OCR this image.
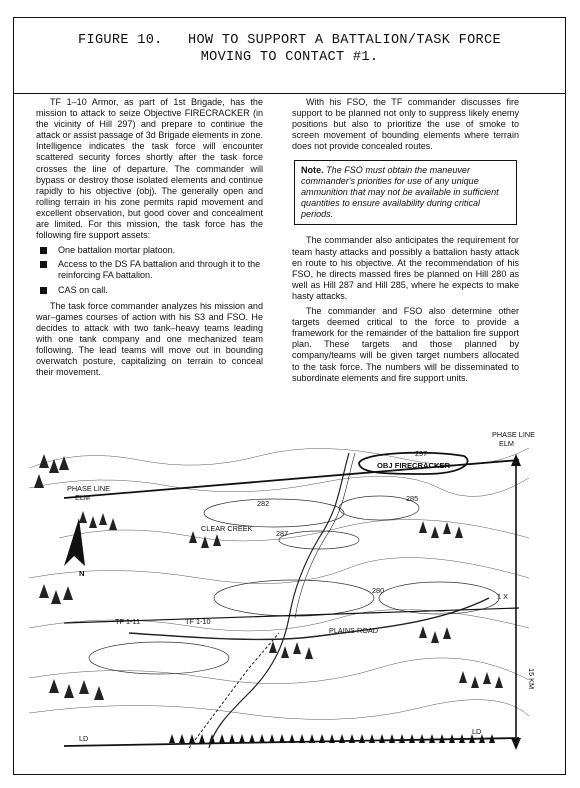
FIGURE 10.   HOW TO SUPPORT A BATTALION/TASK FORCE
MOVING TO CONTACT #1.

TF 1–10 Armor, as part of 1st Brigade, has the mission to attack to seize Objective FIRECRACKER (in the vicinity of Hill 297) and prepare to continue the attack or assist passage of 3d Brigade elements in zone. Intelligence indicates the task force will encounter scattered security forces shortly after the task force crosses the line of departure. The commander will bypass or destroy those isolated elements and continue rapidly to his objective (obj). The generally open and rolling terrain in his zone permits rapid movement and excellent observation, but good cover and concealment are limited. For this mission, the task force has the following fire support assets:

One battalion mortar platoon.
Access to the DS FA battalion and through it to the reinforcing FA battalion.
CAS on call.

The task force commander analyzes his mission and war–games courses of action with his S3 and FSO. He decides to attack with two tank–heavy teams leading with one tank company and one mechanized team following. The lead teams will move out in bounding overwatch posture, capitalizing on terrain to conceal their movement.

With his FSO, the TF commander discusses fire support to be planned not only to suppress likely enemy positions but also to prioritize the use of smoke to screen movement of bounding elements where terrain does not provide concealed routes.

Note. The FSO must obtain the maneuver commander's priorities for use of any unique ammunition that may not be available in sufficient quantities to ensure availability during critical periods.

The commander also anticipates the requirement for team hasty attacks and possibly a battalion hasty attack en route to his objective. At the recommendation of his FSO, he directs massed fires be planned on Hill 280 as well as Hill 287 and Hill 285, where he expects to make hasty attacks.

The commander and FSO also determine other targets deemed critical to the force to provide a framework for the remainder of the battalion fire support plan. These targets and those planned by company/teams will be given target numbers allocated to the task force. The numbers will be disseminated to subordinate elements and fire support units.

PHASE LINE
ELM
PHASE LINE
ELM
297
OBJ FIRECRACKER
282
285
287
CLEAR CREEK
280
PLAINS ROAD
TF 1-11	TF 1-10
N
1 X
15 KM
LD
LD
